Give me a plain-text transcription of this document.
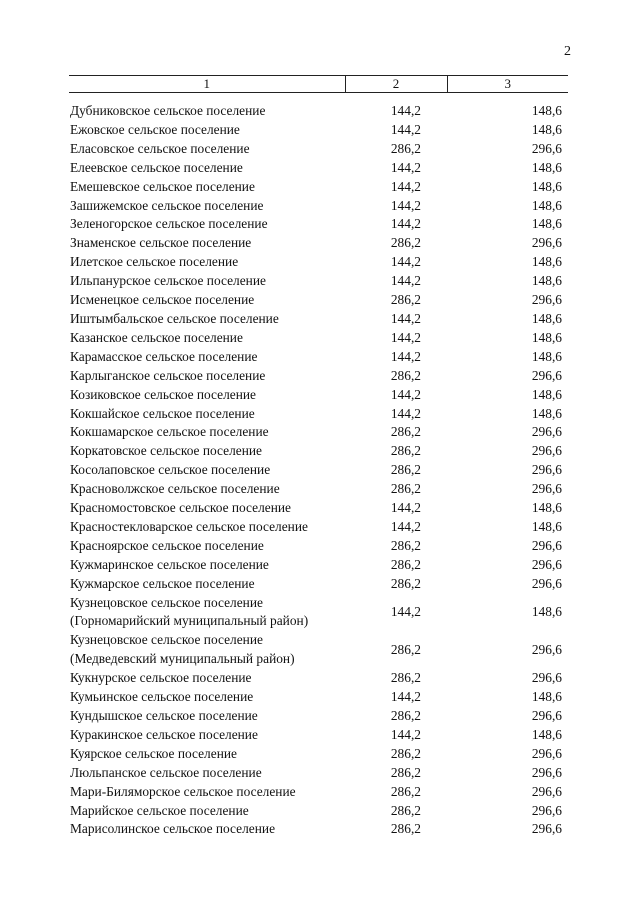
2
1	2	3

Дубниковское сельское поселение	144,2	148,6

Ежовское сельское поселение	144,2	148,6

Еласовское сельское поселение	286,2	296,6

Елеевское сельское поселение	144,2	148,6

Емешевское сельское поселение	144,2	148,6

Зашижемское сельское поселение	144,2	148,6

Зеленогорское сельское поселение	144,2	148,6

Знаменское сельское поселение	286,2	296,6

Илетское сельское поселение	144,2	148,6

Ильпанурское сельское поселение	144,2	148,6

Исменецкое сельское поселение	286,2	296,6

Иштымбальское сельское поселение	144,2	148,6

Казанское сельское поселение	144,2	148,6

Карамасское сельское поселение	144,2	148,6

Карлыганское сельское поселение	286,2	296,6

Козиковское сельское поселение	144,2	148,6

Кокшайское сельское поселение	144,2	148,6

Кокшамарское сельское поселение	286,2	296,6

Коркатовское сельское поселение	286,2	296,6

Косолаповское сельское поселение	286,2	296,6

Красноволжское сельское поселение	286,2	296,6

Красномостовское сельское поселение	144,2	148,6

Красностекловарское сельское поселение	144,2	148,6

Красноярское сельское поселение	286,2	296,6

Кужмаринское сельское поселение	286,2	296,6

Кужмарское сельское поселение	286,2	296,6

Кузнецовское сельское поселение
(Горномарийский муниципальный район)	144,2	148,6

Кузнецовское сельское поселение
(Медведевский муниципальный район)	286,2	296,6

Кукнурское сельское поселение	286,2	296,6

Кумьинское сельское поселение	144,2	148,6

Кундышское сельское поселение	286,2	296,6

Куракинское сельское поселение	144,2	148,6

Куярское сельское поселение	286,2	296,6

Люльпанское сельское поселение	286,2	296,6

Мари-Биляморское сельское поселение	286,2	296,6

Марийское сельское поселение	286,2	296,6

Марисолинское сельское поселение	286,2	296,6
